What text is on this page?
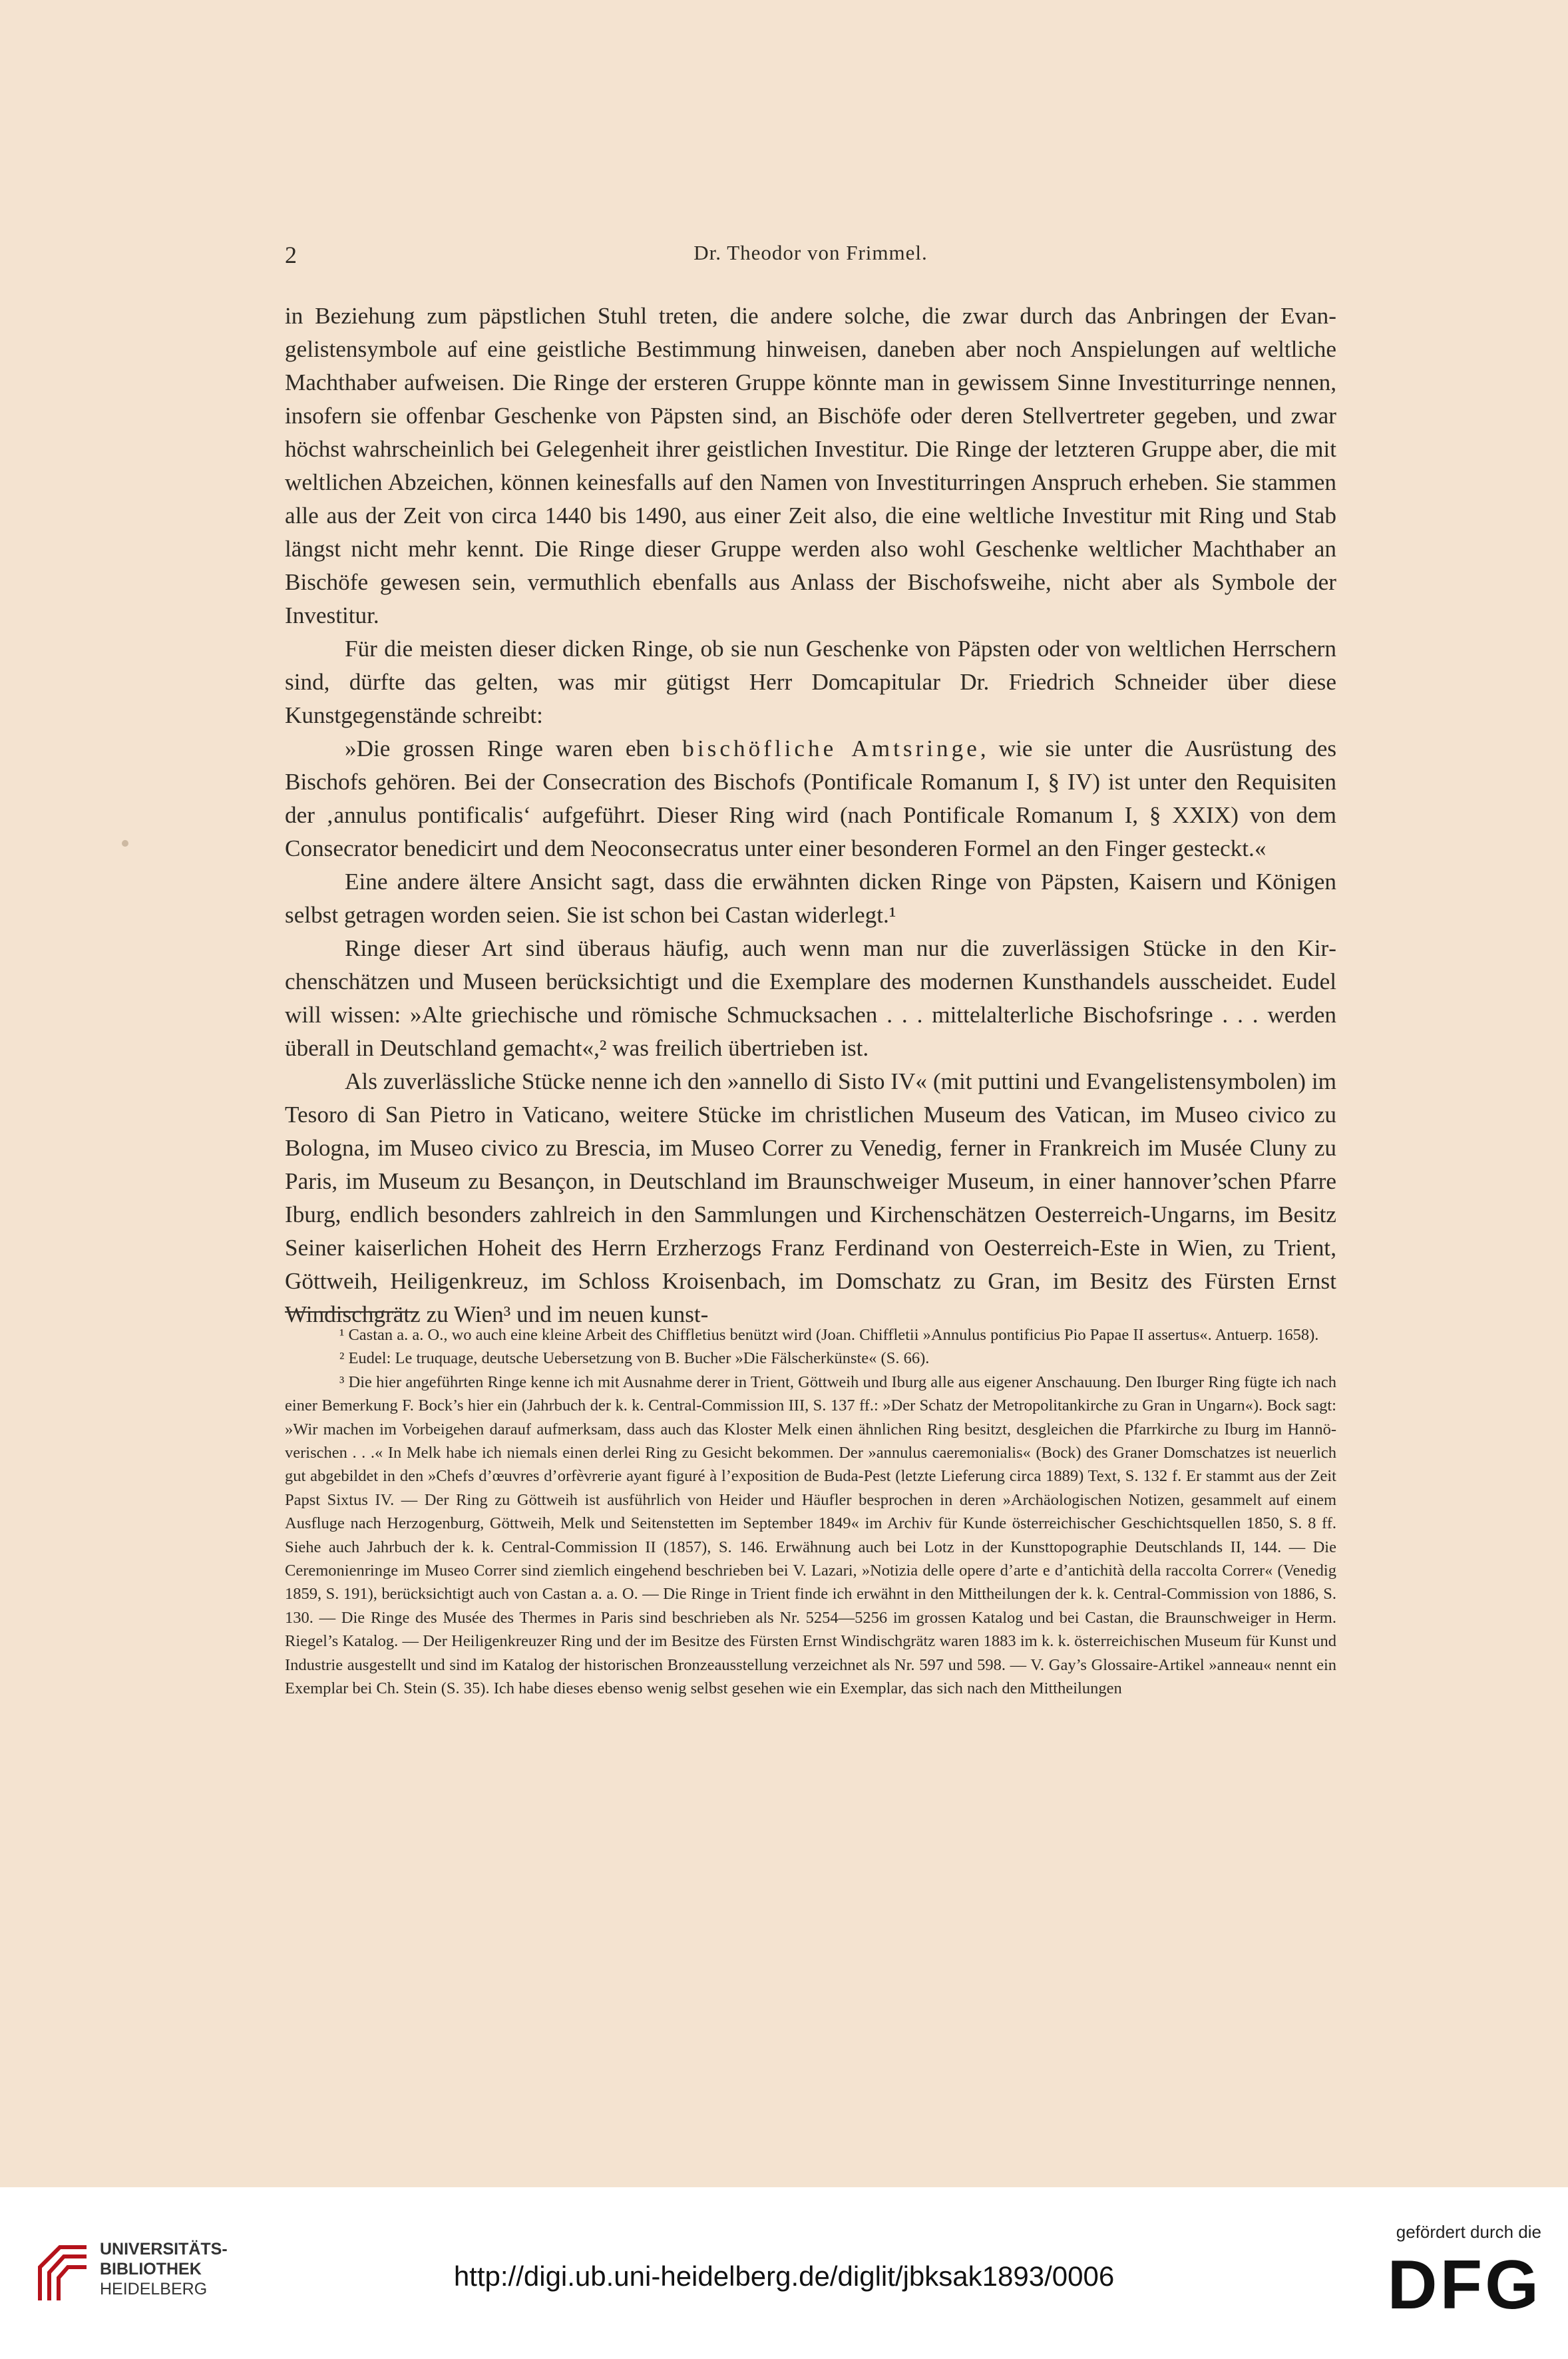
2	Dr. Theodor von Frimmel.

in Beziehung zum päpstlichen Stuhl treten, die andere solche, die zwar durch das Anbringen der Evangelistensymbole auf eine geistliche Bestimmung hinweisen, daneben aber noch Anspielungen auf weltliche Machthaber aufweisen. Die Ringe der ersteren Gruppe könnte man in gewissem Sinne Investiturringe nennen, insofern sie offenbar Geschenke von Päpsten sind, an Bischöfe oder deren Stellvertreter gegeben, und zwar höchst wahrscheinlich bei Gelegenheit ihrer geistlichen Investitur. Die Ringe der letzteren Gruppe aber, die mit weltlichen Abzeichen, können keinesfalls auf den Namen von Investiturringen Anspruch erheben. Sie stammen alle aus der Zeit von circa 1440 bis 1490, aus einer Zeit also, die eine weltliche Investitur mit Ring und Stab längst nicht mehr kennt. Die Ringe dieser Gruppe werden also wohl Geschenke weltlicher Machthaber an Bischöfe gewesen sein, vermuthlich ebenfalls aus Anlass der Bischofsweihe, nicht aber als Symbole der Investitur.

Für die meisten dieser dicken Ringe, ob sie nun Geschenke von Päpsten oder von weltlichen Herrschern sind, dürfte das gelten, was mir gütigst Herr Domcapitular Dr. Friedrich Schneider über diese Kunstgegenstände schreibt:

»Die grossen Ringe waren eben bischöfliche Amtsringe, wie sie unter die Ausrüstung des Bischofs gehören. Bei der Consecration des Bischofs (Pontificale Romanum I, § IV) ist unter den Requisiten der ‚annulus pontificalis‘ aufgeführt. Dieser Ring wird (nach Pontificale Romanum I, § XXIX) von dem Consecrator benedicirt und dem Neoconsecratus unter einer besonderen Formel an den Finger gesteckt.«

Eine andere ältere Ansicht sagt, dass die erwähnten dicken Ringe von Päpsten, Kaisern und Königen selbst getragen worden seien. Sie ist schon bei Castan widerlegt.¹

Ringe dieser Art sind überaus häufig, auch wenn man nur die zuverlässigen Stücke in den Kirchenschätzen und Museen berücksichtigt und die Exemplare des modernen Kunsthandels ausscheidet. Eudel will wissen: »Alte griechische und römische Schmucksachen . . . mittelalterliche Bischofsringe . . . werden überall in Deutschland gemacht«,² was freilich übertrieben ist.

Als zuverlässliche Stücke nenne ich den »annello di Sisto IV« (mit puttini und Evangelistensymbolen) im Tesoro di San Pietro in Vaticano, weitere Stücke im christlichen Museum des Vatican, im Museo civico zu Bologna, im Museo civico zu Brescia, im Museo Correr zu Venedig, ferner in Frankreich im Musée Cluny zu Paris, im Museum zu Besançon, in Deutschland im Braunschweiger Museum, in einer hannover’schen Pfarre Iburg, endlich besonders zahlreich in den Sammlungen und Kirchenschätzen Oesterreich-Ungarns, im Besitz Seiner kaiserlichen Hoheit des Herrn Erzherzogs Franz Ferdinand von Oesterreich-Este in Wien, zu Trient, Göttweih, Heiligenkreuz, im Schloss Kroisenbach, im Domschatz zu Gran, im Besitz des Fürsten Ernst Windischgrätz zu Wien³ und im neuen kunst-

¹ Castan a. a. O., wo auch eine kleine Arbeit des Chiffletius benützt wird (Joan. Chiffletii »Annulus pontificius Pio Papae II assertus«. Antuerp. 1658).

² Eudel: Le truquage, deutsche Uebersetzung von B. Bucher »Die Fälscherkünste« (S. 66).

³ Die hier angeführten Ringe kenne ich mit Ausnahme derer in Trient, Göttweih und Iburg alle aus eigener Anschauung. Den Iburger Ring fügte ich nach einer Bemerkung F. Bock’s hier ein (Jahrbuch der k. k. Central-Commission III, S. 137 ff.: »Der Schatz der Metropolitankirche zu Gran in Ungarn«). Bock sagt: »Wir machen im Vorbeigehen darauf aufmerksam, dass auch das Kloster Melk einen ähnlichen Ring besitzt, desgleichen die Pfarrkirche zu Iburg im Hannöverischen . . .« In Melk habe ich niemals einen derlei Ring zu Gesicht bekommen. Der »annulus caeremonialis« (Bock) des Graner Domschatzes ist neuerlich gut abgebildet in den »Chefs d’œuvres d’orfèvrerie ayant figuré à l’exposition de Buda-Pest (letzte Lieferung circa 1889) Text, S. 132 f. Er stammt aus der Zeit Papst Sixtus IV. — Der Ring zu Göttweih ist ausführlich von Heider und Häufler besprochen in deren »Archäologischen Notizen, gesammelt auf einem Ausfluge nach Herzogenburg, Göttweih, Melk und Seitenstetten im September 1849« im Archiv für Kunde österreichischer Geschichtsquellen 1850, S. 8 ff. Siehe auch Jahrbuch der k. k. Central-Commission II (1857), S. 146. Erwähnung auch bei Lotz in der Kunsttopographie Deutschlands II, 144. — Die Ceremonienringe im Museo Correr sind ziemlich eingehend beschrieben bei V. Lazari, »Notizia delle opere d’arte e d’antichità della raccolta Correr« (Venedig 1859, S. 191), berücksichtigt auch von Castan a. a. O. — Die Ringe in Trient finde ich erwähnt in den Mittheilungen der k. k. Central-Commission von 1886, S. 130. — Die Ringe des Musée des Thermes in Paris sind beschrieben als Nr. 5254—5256 im grossen Katalog und bei Castan, die Braunschweiger in Herm. Riegel’s Katalog. — Der Heiligenkreuzer Ring und der im Besitze des Fürsten Ernst Windischgrätz waren 1883 im k. k. österreichischen Museum für Kunst und Industrie ausgestellt und sind im Katalog der historischen Bronzeausstellung verzeichnet als Nr. 597 und 598. — V. Gay’s Glossaire-Artikel »anneau« nennt ein Exemplar bei Ch. Stein (S. 35). Ich habe dieses ebenso wenig selbst gesehen wie ein Exemplar, das sich nach den Mittheilungen

UNIVERSITÄTS-
BIBLIOTHEK
HEIDELBERG	http://digi.ub.uni-heidelberg.de/diglit/jbksak1893/0006
gefördert durch die
DFG
